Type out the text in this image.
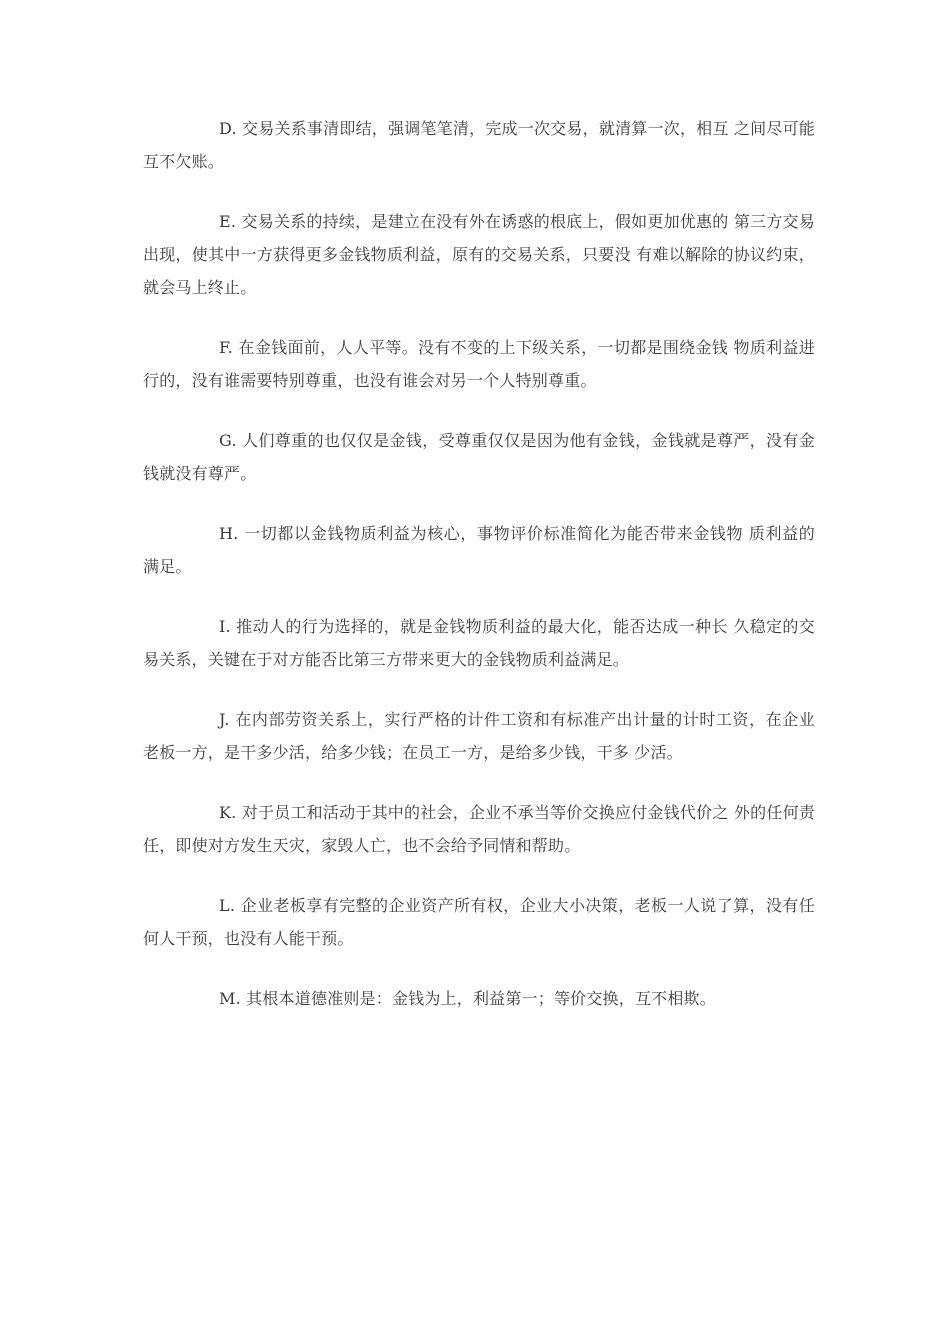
D. 交易关系事清即结，强调笔笔清，完成一次交易，就清算一次，相互 之间尽可能互不欠账。

E. 交易关系的持续，是建立在没有外在诱惑的根底上，假如更加优惠的 第三方交易出现，使其中一方获得更多金钱物质利益，原有的交易关系，只要没 有难以解除的协议约束，就会马上终止。

F. 在金钱面前，人人平等。没有不变的上下级关系，一切都是围绕金钱 物质利益进行的，没有谁需要特别尊重，也没有谁会对另一个人特别尊重。

G. 人们尊重的也仅仅是金钱，受尊重仅仅是因为他有金钱，金钱就是尊严，没有金钱就没有尊严。

H. 一切都以金钱物质利益为核心，事物评价标准简化为能否带来金钱物 质利益的满足。

I. 推动人的行为选择的，就是金钱物质利益的最大化，能否达成一种长 久稳定的交易关系，关键在于对方能否比第三方带来更大的金钱物质利益满足。

J. 在内部劳资关系上，实行严格的计件工资和有标准产出计量的计时工资，在企业老板一方，是干多少活，给多少钱；在员工一方，是给多少钱，干多 少活。

K. 对于员工和活动于其中的社会，企业不承当等价交换应付金钱代价之 外的任何责任，即使对方发生天灾，家毁人亡，也不会给予同情和帮助。

L. 企业老板享有完整的企业资产所有权，企业大小决策，老板一人说了算，没有任何人干预，也没有人能干预。

M. 其根本道德准则是：金钱为上，利益第一；等价交换，互不相欺。
